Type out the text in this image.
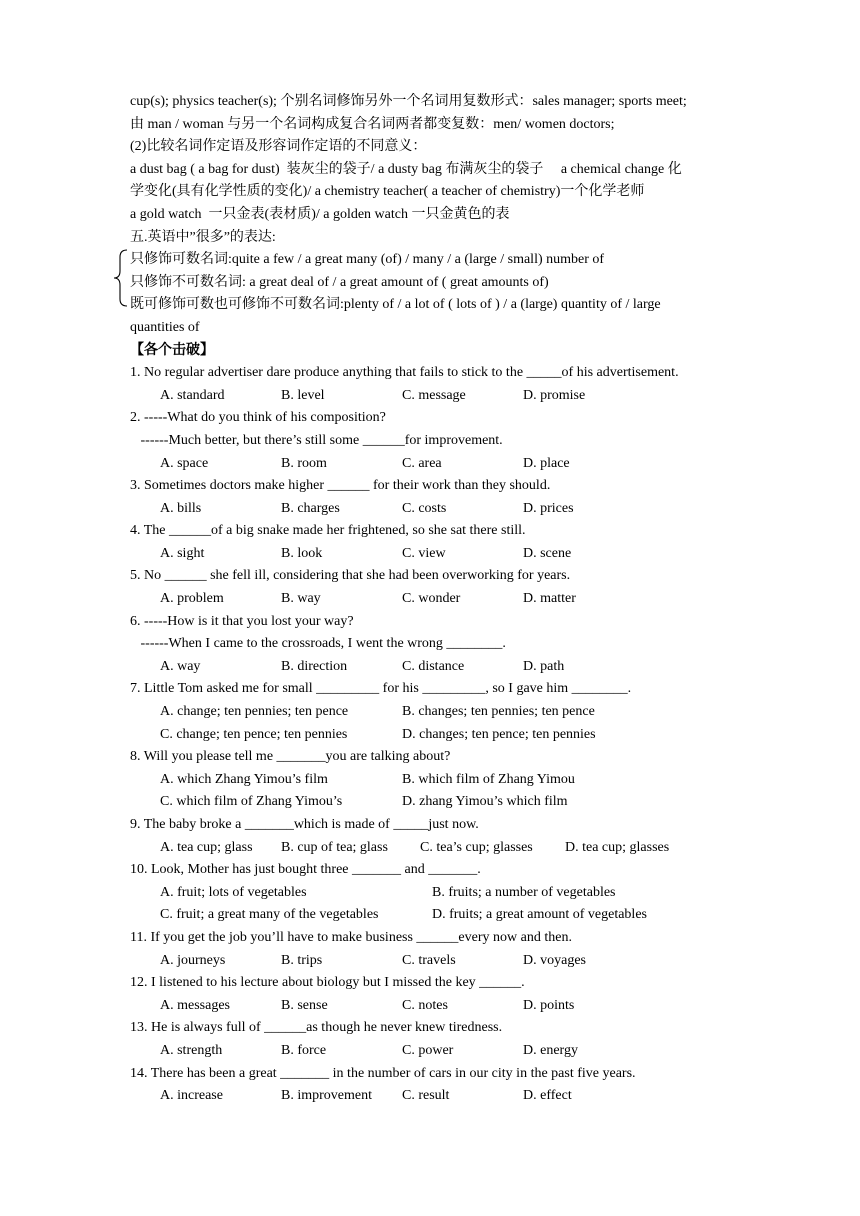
cup(s); physics teacher(s); 个别名词修饰另外一个名词用复数形式：sales manager; sports meet;
由 man / woman 与另一个名词构成复合名词两者都变复数：men/ women doctors;
(2)比较名词作定语及形容词作定语的不同意义：
a dust bag ( a bag for dust)  装灰尘的袋子/ a dusty bag 布满灰尘的袋子     a chemical change 化
学变化(具有化学性质的变化)/ a chemistry teacher( a teacher of chemistry)一个化学老师
a gold watch  一只金表(表材质)/ a golden watch 一只金黄色的表
五.英语中”很多”的表达:
只修饰可数名词:quite a few / a great many (of) / many / a (large / small) number of
只修饰不可数名词: a great deal of / a great amount of ( great amounts of)
既可修饰可数也可修饰不可数名词:plenty of / a lot of ( lots of ) / a (large) quantity of / large
quantities of
【各个击破】
1. No regular advertiser dare produce anything that fails to stick to the _____of his advertisement.
A. standard	B. level	C. message	D. promise
2. -----What do you think of his composition?
------Much better, but there’s still some ______for improvement.
A. space	B. room	C. area	D. place
3. Sometimes doctors make higher ______ for their work than they should.
A. bills	B. charges	C. costs	D. prices
4. The ______of a big snake made her frightened, so she sat there still.
A. sight	B. look	C. view	D. scene
5. No ______ she fell ill, considering that she had been overworking for years.
A. problem	B. way	C. wonder	D. matter
6. -----How is it that you lost your way?
------When I came to the crossroads, I went the wrong ________.
A. way	B. direction	C. distance	D. path
7. Little Tom asked me for small _________ for his _________, so I gave him ________.
A. change; ten pennies; ten pence	B. changes; ten pennies; ten pence
C. change; ten pence; ten pennies	D. changes; ten pence; ten pennies
8. Will you please tell me _______you are talking about?
A. which Zhang Yimou’s film	B. which film of Zhang Yimou
C. which film of Zhang Yimou’s	D. zhang Yimou’s which film
9. The baby broke a _______which is made of _____just now.
A. tea cup; glass B. cup of tea; glass C. tea’s cup; glasses D. tea cup; glasses
10. Look, Mother has just bought three _______ and _______.
A. fruit; lots of vegetables	B. fruits; a number of vegetables
C. fruit; a great many of the vegetables	D. fruits; a great amount of vegetables
11. If you get the job you’ll have to make business ______every now and then.
A. journeys	B. trips	C. travels	D. voyages
12. I listened to his lecture about biology but I missed the key ______.
A. messages	B. sense	C. notes	D. points
13. He is always full of ______as though he never knew tiredness.
A. strength	B. force	C. power	D. energy
14. There has been a great _______ in the number of cars in our city in the past five years.
A. increase	B. improvement C. result	D. effect
